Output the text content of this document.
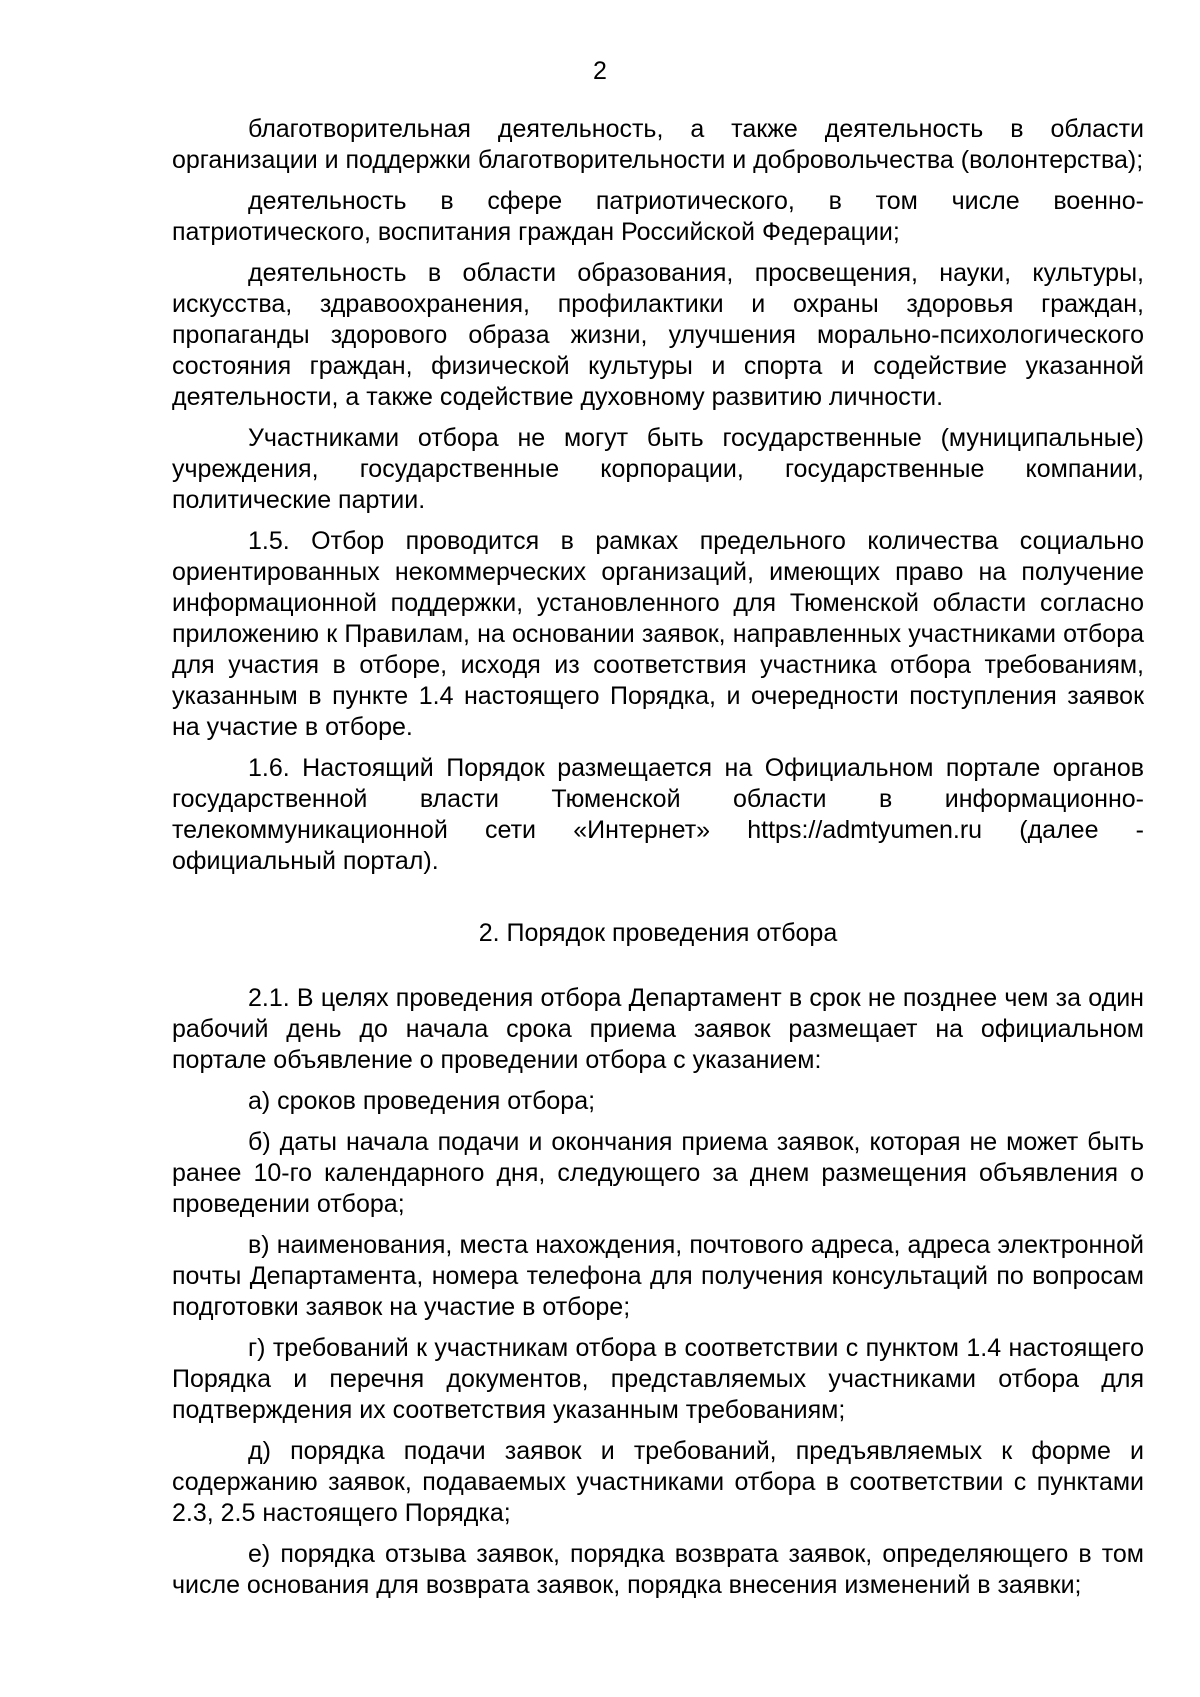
2

благотворительная деятельность, а также деятельность в области организации и поддержки благотворительности и добровольчества (волонтерства);

деятельность в сфере патриотического, в том числе военно-патриотического, воспитания граждан Российской Федерации;

деятельность в области образования, просвещения, науки, культуры, искусства, здравоохранения, профилактики и охраны здоровья граждан, пропаганды здорового образа жизни, улучшения морально-психологического состояния граждан, физической культуры и спорта и содействие указанной деятельности, а также содействие духовному развитию личности.

Участниками отбора не могут быть государственные (муниципальные) учреждения, государственные корпорации, государственные компании, политические партии.

1.5. Отбор проводится в рамках предельного количества социально ориентированных некоммерческих организаций, имеющих право на получение информационной поддержки, установленного для Тюменской области согласно приложению к Правилам, на основании заявок, направленных участниками отбора для участия в отборе, исходя из соответствия участника отбора требованиям, указанным в пункте 1.4 настоящего Порядка, и очередности поступления заявок на участие в отборе.

1.6. Настоящий Порядок размещается на Официальном портале органов государственной власти Тюменской области в информационно-телекоммуникационной сети «Интернет» https://admtyumen.ru (далее - официальный портал).

2. Порядок проведения отбора

2.1. В целях проведения отбора Департамент в срок не позднее чем за один рабочий день до начала срока приема заявок размещает на официальном портале объявление о проведении отбора с указанием:

а) сроков проведения отбора;

б) даты начала подачи и окончания приема заявок, которая не может быть ранее 10-го календарного дня, следующего за днем размещения объявления о проведении отбора;

в) наименования, места нахождения, почтового адреса, адреса электронной почты Департамента, номера телефона для получения консультаций по вопросам подготовки заявок на участие в отборе;

г) требований к участникам отбора в соответствии с пунктом 1.4 настоящего Порядка и перечня документов, представляемых участниками отбора для подтверждения их соответствия указанным требованиям;

д) порядка подачи заявок и требований, предъявляемых к форме и содержанию заявок, подаваемых участниками отбора в соответствии с пунктами 2.3, 2.5 настоящего Порядка;

е) порядка отзыва заявок, порядка возврата заявок, определяющего в том числе основания для возврата заявок, порядка внесения изменений в заявки;
